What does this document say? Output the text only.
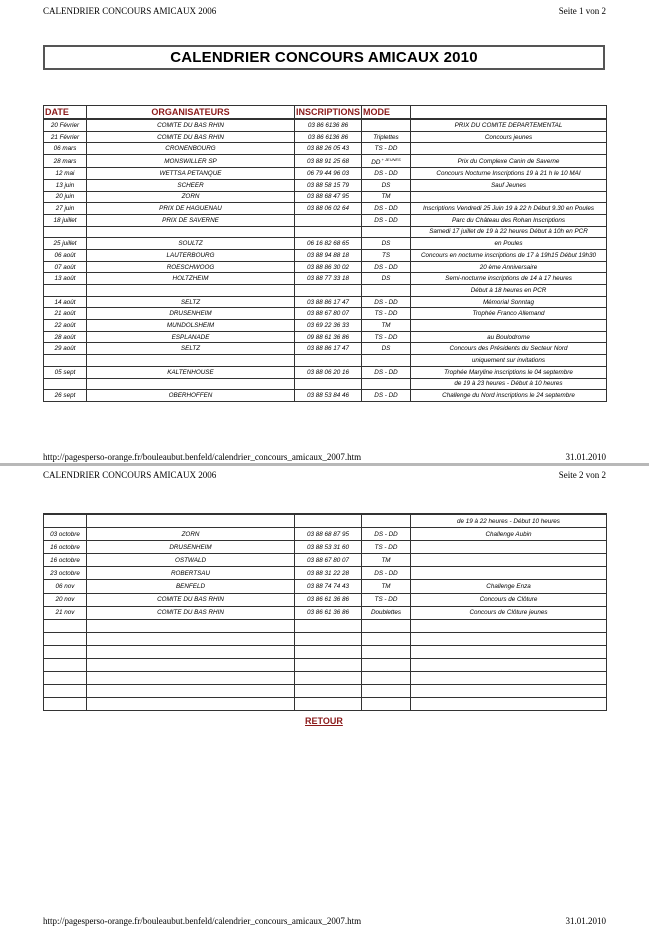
CALENDRIER CONCOURS AMICAUX 2006	Seite 1 von 2
CALENDRIER CONCOURS AMICAUX 2010
DATE	ORGANISATEURS	INSCRIPTIONS	MODE	
20 Février	COMITE DU BAS RHIN	03 86 6136 86		PRIX DU COMITE DEPARTEMENTAL
21 Février	COMITE DU BAS RHIN	03 86 6136 86	Triplettes	Concours jeunes
06 mars	CRONENBOURG	03 88 26 05 43	TS - DD	
28 mars	MONSWILLER SP	03 88 91 25 68	DD $^{+ JEUNES}$	Prix du Complexe Canin de Saverne
12 mai	WETTSA PETANQUE	06 79 44 96 03	DS - DD	Concours Nocturne Inscriptions 19 à 21 h le 10 MAI
13 juin	SCHEER	03 88 58 15 79	DS	Sauf Jeunes
20 juin	ZORN	03 88 68 47 95	TM	
27 juin	PRIX DE HAGUENAU	03 88 06 02 64	DS - DD	Inscriptions Vendredi 25 Juin 19 à 22 h Début 9.30 en Poules
18 juillet	PRIX DE SAVERNE		DS - DD	Parc du Château des Rohan Inscriptions
				Samedi 17 juillet de 19 à 22 heures Début à 10h en PCR
25 juillet	SOULTZ	06 16 82 68 65	DS	en Poules
06 août	LAUTERBOURG	03 88 94 88 18	TS	Concours en nocturne inscriptions de 17 à 19h15 Début 19h30
07 août	ROESCHWOOG	03 88 86 30 02	DS - DD	20 ème Anniversaire
13 août	HOLTZHEIM	03 88 77 33 18	DS	Semi-nocturne inscriptions de 14 à 17 heures
				Début à 18 heures en PCR
14 août	SELTZ	03 88 86 17 47	DS - DD	Mémorial Sonntag
21 août	DRUSENHEIM	03 88 67 80 07	TS - DD	Trophée Franco Allemand
22 août	MUNDOLSHEIM	03 69 22 36 33	TM	
28 août	ESPLANADE	09 88 61 36 86	TS - DD	au Boulodrome
29 août	SELTZ	03 88 86 17 47	DS	Concours des Présidents du Secteur Nord
				uniquement sur invitations
05 sept	KALTENHOUSE	03 88 06 20 16	DS - DD	Trophée Maryline inscriptions le 04 septembre
				de 19 à 23 heures - Début à 10 heures
26 sept	OBERHOFFEN	03 88 53 84 46	DS - DD	Challenge du Nord inscriptions le 24 septembre
http://pagesperso-orange.fr/bouleaubut.benfeld/calendrier_concours_amicaux_2007.htm	31.01.2010
CALENDRIER CONCOURS AMICAUX 2006	Seite 2 von 2
				de 19 à 22 heures - Début 10 heures
03 octobre	ZORN	03 88 68 87 95	DS - DD	Challenge Aubin
16 octobre	DRUSENHEIM	03 88 53 31 60	TS - DD	
16 octobre	OSTWALD	03 88 67 80 07	TM	
23 octobre	ROBERTSAU	03 88 31 22 28	DS - DD	
06 nov	BENFELD	03 88 74 74 43	TM	Challenge Enza
20 nov	COMITE DU BAS RHIN	03 86 61 36 86	TS - DD	Concours de Clôture
21 nov	COMITE DU BAS RHIN	03 86 61 36 86	Doublettes	Concours de Clôture jeunes

RETOUR
http://pagesperso-orange.fr/bouleaubut.benfeld/calendrier_concours_amicaux_2007.htm	31.01.2010
